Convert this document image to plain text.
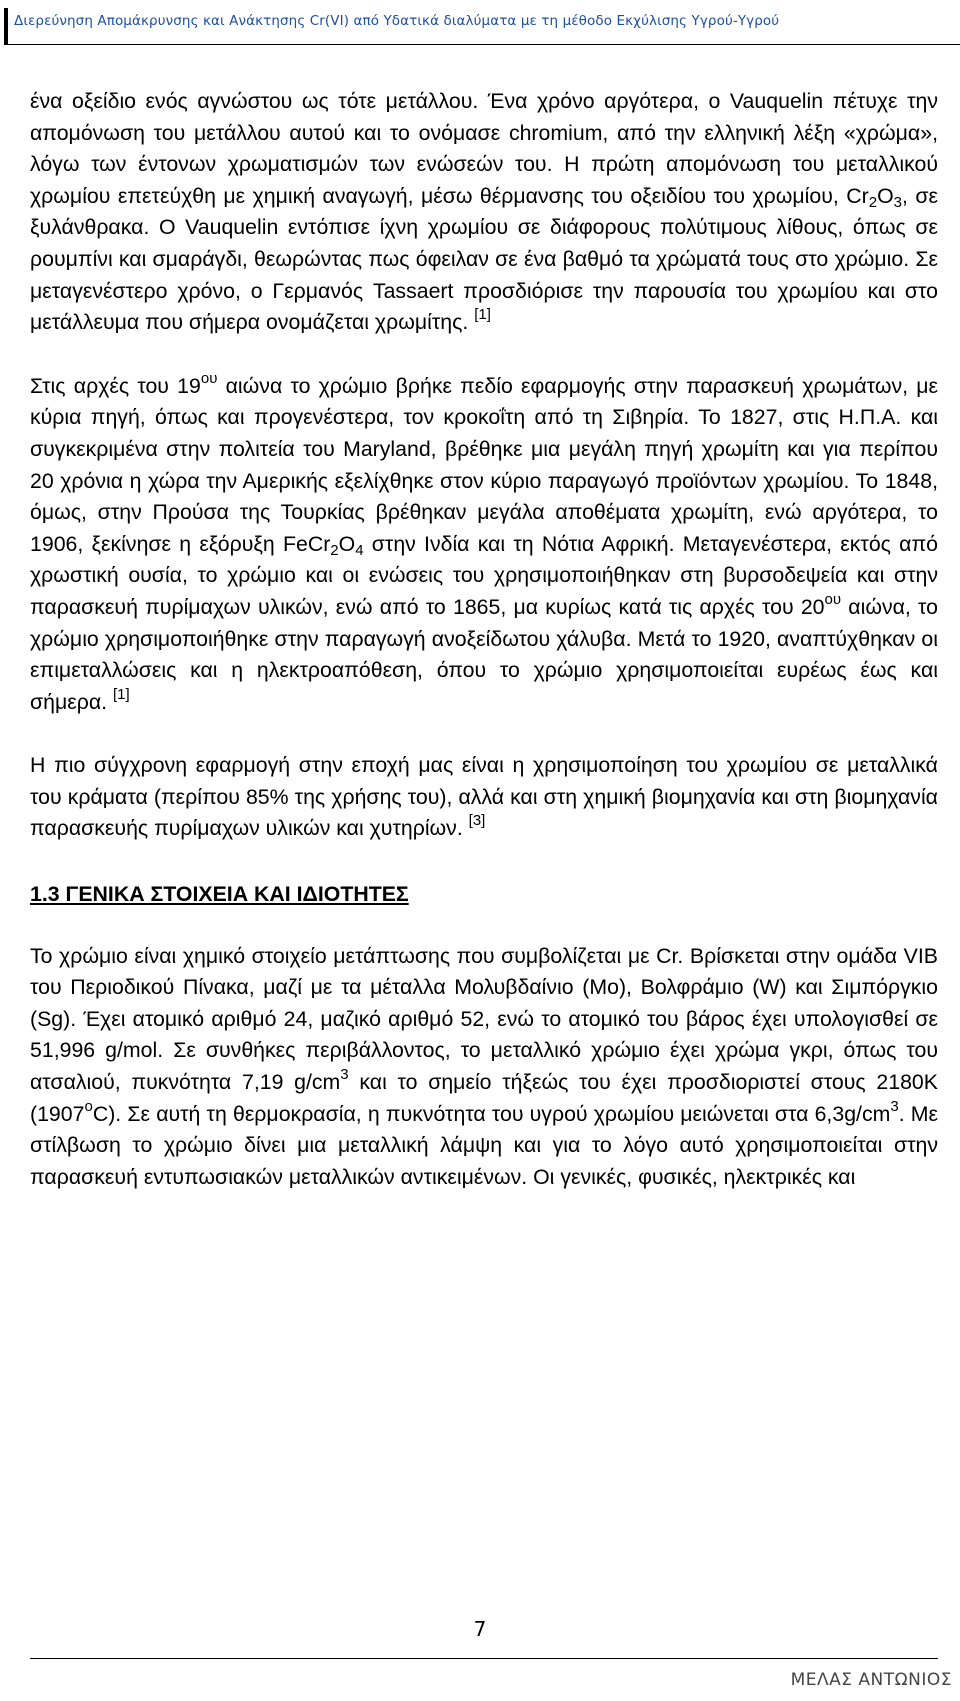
Διερεύνηση Απομάκρυνσης και Ανάκτησης Cr(VI) από Υδατικά διαλύματα με τη μέθοδο Εκχύλισης Υγρού-Υγρού

ένα οξείδιο ενός αγνώστου ως τότε μετάλλου. Ένα χρόνο αργότερα, ο Vauquelin πέτυχε την απομόνωση του μετάλλου αυτού και το ονόμασε chromium, από την ελληνική λέξη «χρώμα», λόγω των έντονων χρωματισμών των ενώσεών του. Η πρώτη απομόνωση του μεταλλικού χρωμίου επετεύχθη με χημική αναγωγή, μέσω θέρμανσης του οξειδίου του χρωμίου, $Cr_2O_3$, σε ξυλάνθρακα. Ο Vauquelin εντόπισε ίχνη χρωμίου σε διάφορους πολύτιμους λίθους, όπως σε ρουμπίνι και σμαράγδι, θεωρώντας πως όφειλαν σε ένα βαθμό τα χρώματά τους στο χρώμιο. Σε μεταγενέστερο χρόνο, ο Γερμανός Tassaert προσδιόρισε την παρουσία του χρωμίου και στο μετάλλευμα που σήμερα ονομάζεται χρωμίτης. [1]

Στις αρχές του $19^{o\upsilon}$ αιώνα το χρώμιο βρήκε πεδίο εφαρμογής στην παρασκευή χρωμάτων, με κύρια πηγή, όπως και προγενέστερα, τον κροκοΐτη από τη Σιβηρία. Το 1827, στις Η.Π.Α. και συγκεκριμένα στην πολιτεία του Maryland, βρέθηκε μια μεγάλη πηγή χρωμίτη και για περίπου 20 χρόνια η χώρα την Αμερικής εξελίχθηκε στον κύριο παραγωγό προϊόντων χρωμίου. Το 1848, όμως, στην Προύσα της Τουρκίας βρέθηκαν μεγάλα αποθέματα χρωμίτη, ενώ αργότερα, το 1906, ξεκίνησε η εξόρυξη $FeCr_2O_4$ στην Ινδία και τη Νότια Αφρική. Μεταγενέστερα, εκτός από χρωστική ουσία, το χρώμιο και οι ενώσεις του χρησιμοποιήθηκαν στη βυρσοδεψεία και στην παρασκευή πυρίμαχων υλικών, ενώ από το 1865, μα κυρίως κατά τις αρχές του $20^{o\upsilon}$ αιώνα, το χρώμιο χρησιμοποιήθηκε στην παραγωγή ανοξείδωτου χάλυβα. Μετά το 1920, αναπτύχθηκαν οι επιμεταλλώσεις και η ηλεκτροαπόθεση, όπου το χρώμιο χρησιμοποιείται ευρέως έως και σήμερα. [1]

Η πιο σύγχρονη εφαρμογή στην εποχή μας είναι η χρησιμοποίηση του χρωμίου σε μεταλλικά του κράματα (περίπου 85% της χρήσης του), αλλά και στη χημική βιομηχανία και στη βιομηχανία παρασκευής πυρίμαχων υλικών και χυτηρίων. [3]

1.3 ΓΕΝΙΚΑ ΣΤΟΙΧΕΙΑ ΚΑΙ ΙΔΙΟΤΗΤΕΣ

Το χρώμιο είναι χημικό στοιχείο μετάπτωσης που συμβολίζεται με Cr. Βρίσκεται στην ομάδα VIB του Περιοδικού Πίνακα, μαζί με τα μέταλλα Μολυβδαίνιο (Mo), Βολφράμιο (W) και Σιμπόργκιο (Sg). Έχει ατομικό αριθμό 24, μαζικό αριθμό 52, ενώ το ατομικό του βάρος έχει υπολογισθεί σε 51,996 g/mol. Σε συνθήκες περιβάλλοντος, το μεταλλικό χρώμιο έχει χρώμα γκρι, όπως του ατσαλιού, πυκνότητα 7,19 $g/cm^3$ και το σημείο τήξεώς του έχει προσδιοριστεί στους 2180K (1907$^o$C). Σε αυτή τη θερμοκρασία, η πυκνότητα του υγρού χρωμίου μειώνεται στα $6,3g/cm^3$. Με στίλβωση το χρώμιο δίνει μια μεταλλική λάμψη και για το λόγο αυτό χρησιμοποιείται στην παρασκευή εντυπωσιακών μεταλλικών αντικειμένων. Οι γενικές, φυσικές, ηλεκτρικές και

7
ΜΕΛΑΣ ΑΝΤΩΝΙΟΣ
